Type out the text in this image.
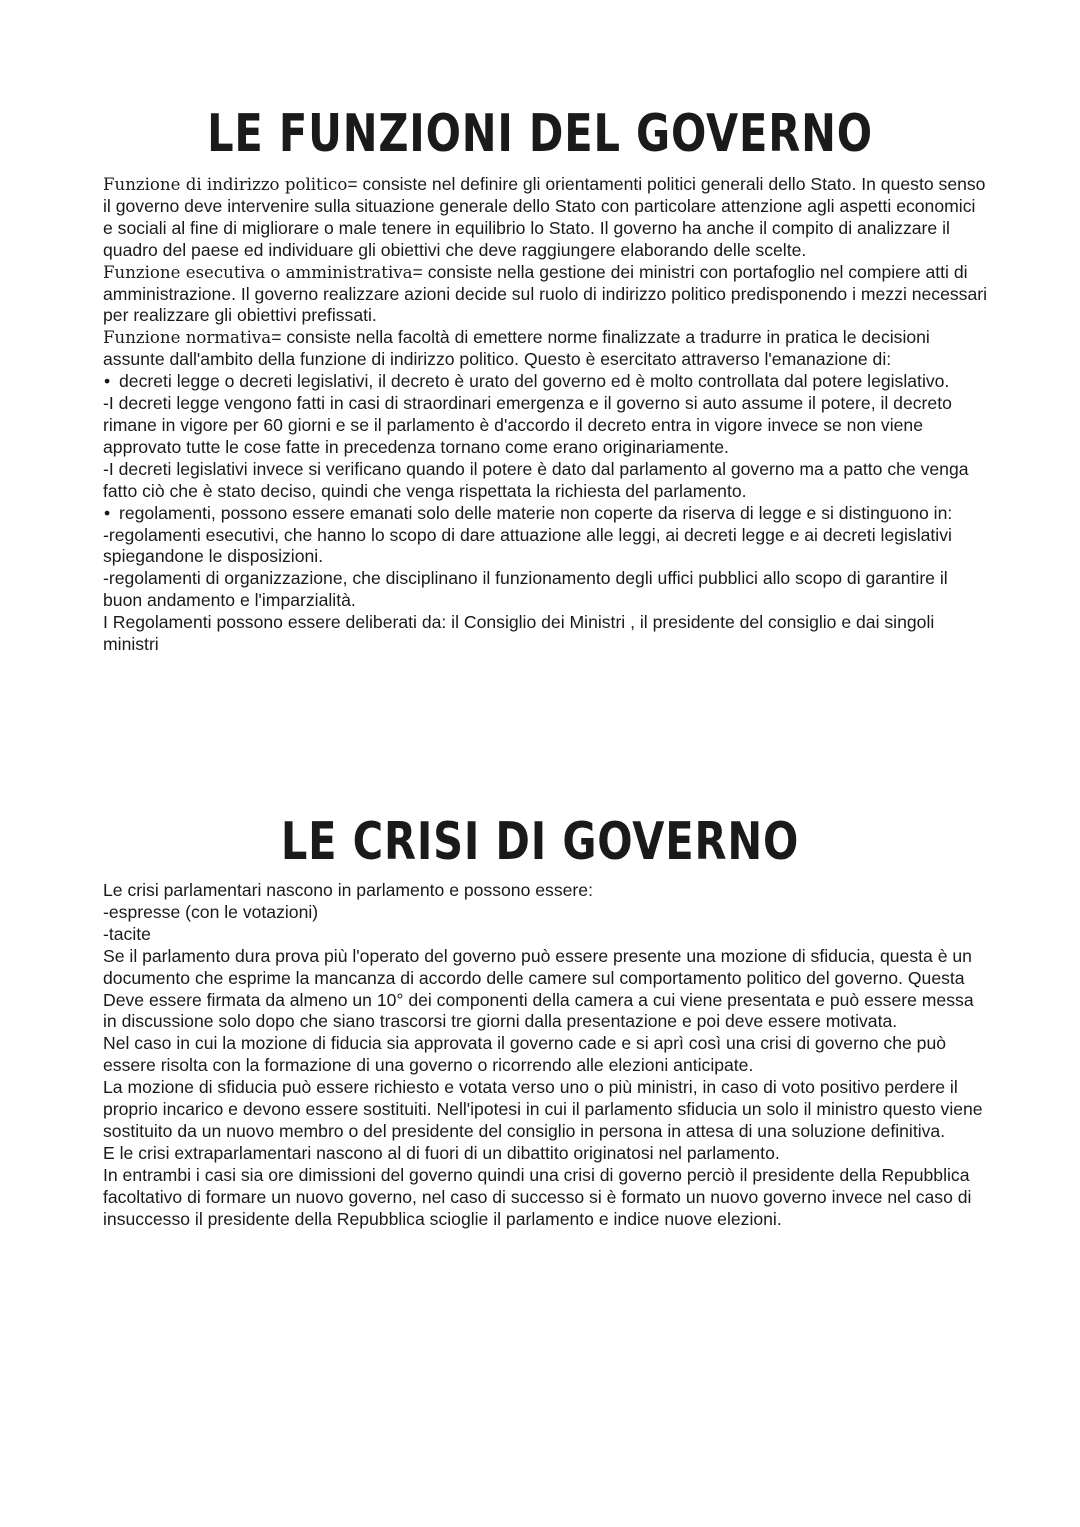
LE FUNZIONI DEL GOVERNO

Funzione di indirizzo politico= consiste nel definire gli orientamenti politici generali dello Stato. In questo senso il governo deve intervenire sulla situazione generale dello Stato con particolare attenzione agli aspetti economici e sociali al fine di migliorare o male tenere in equilibrio lo Stato. Il governo ha anche il compito di analizzare il quadro del paese ed individuare gli obiettivi che deve raggiungere elaborando delle scelte.

Funzione esecutiva o amministrativa= consiste nella gestione dei ministri con portafoglio nel compiere atti di amministrazione. Il governo realizzare azioni decide sul ruolo di indirizzo politico predisponendo i mezzi necessari per realizzare gli obiettivi prefissati.

Funzione normativa= consiste nella facoltà di emettere norme finalizzate a tradurre in pratica le decisioni assunte dall'ambito della funzione di indirizzo politico. Questo è esercitato attraverso l'emanazione di:

• decreti legge o decreti legislativi, il decreto è urato del governo ed è molto controllata dal potere legislativo.

-I decreti legge vengono fatti in casi di straordinari emergenza e il governo si auto assume il potere, il decreto rimane in vigore per 60 giorni e se il parlamento è d'accordo il decreto entra in vigore invece se non viene approvato tutte le cose fatte in precedenza tornano come erano originariamente.

-I decreti legislativi invece si verificano quando il potere è dato dal parlamento al governo ma a patto che venga fatto ciò che è stato deciso, quindi che venga rispettata la richiesta del parlamento.

• regolamenti, possono essere emanati solo delle materie non coperte da riserva di legge e si distinguono in:

-regolamenti esecutivi, che hanno lo scopo di dare attuazione alle leggi, ai decreti legge e ai decreti legislativi spiegandone le disposizioni.

-regolamenti di organizzazione, che disciplinano il funzionamento degli uffici pubblici allo scopo di garantire il buon andamento e l'imparzialità.

I Regolamenti possono essere deliberati da: il Consiglio dei Ministri , il presidente del consiglio e dai singoli ministri

LE CRISI DI GOVERNO

Le crisi parlamentari nascono in parlamento e possono essere:

-espresse (con le votazioni)

-tacite

Se il parlamento dura prova più l'operato del governo può essere presente una mozione di sfiducia, questa è un documento che esprime la mancanza di accordo delle camere sul comportamento politico del governo. Questa Deve essere firmata da almeno un 10° dei componenti della camera a cui viene presentata e può essere messa in discussione solo dopo che siano trascorsi tre giorni dalla presentazione e poi deve essere motivata.

Nel caso in cui la mozione di fiducia sia approvata il governo cade e si aprì così una crisi di governo che può essere risolta con la formazione di una governo o ricorrendo alle elezioni anticipate.

La mozione di sfiducia può essere richiesto e votata verso uno o più ministri, in caso di voto positivo perdere il proprio incarico e devono essere sostituiti. Nell'ipotesi in cui il parlamento sfiducia un solo il ministro questo viene sostituito da un nuovo membro o del presidente del consiglio in persona in attesa di una soluzione definitiva.

E le crisi extraparlamentari nascono al di fuori di un dibattito originatosi nel parlamento.

In entrambi i casi sia ore dimissioni del governo quindi una crisi di governo perciò il presidente della Repubblica facoltativo di formare un nuovo governo, nel caso di successo si è formato un nuovo governo invece nel caso di insuccesso il presidente della Repubblica scioglie il parlamento e indice nuove elezioni.
